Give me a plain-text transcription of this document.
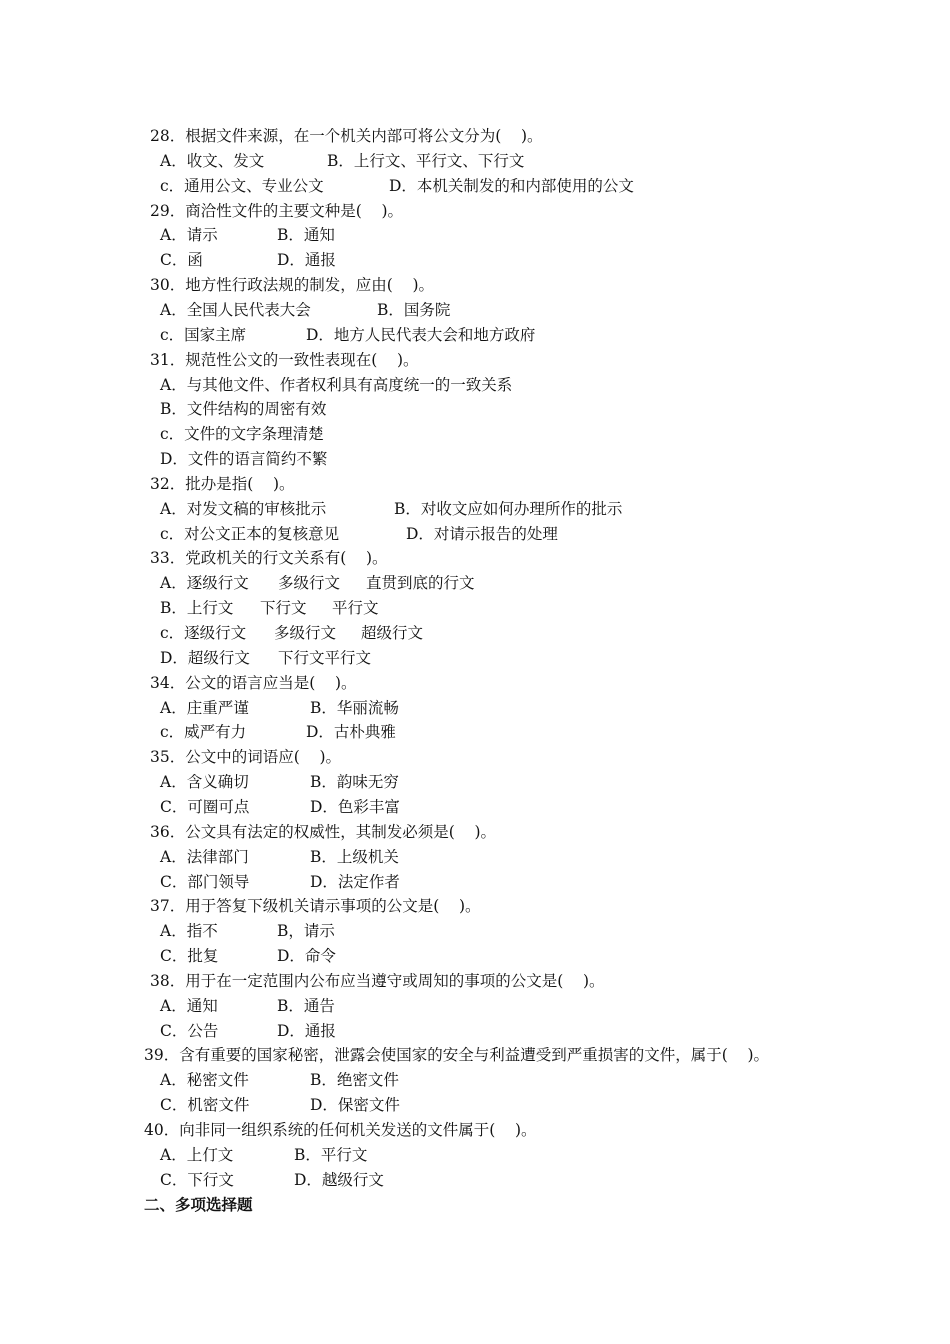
28．根据文件来源，在一个机关内部可将公文分为(    )。
A．收文、发文	B．上行文、平行文、下行文
c．通用公文、专业公文	D．本机关制发的和内部使用的公文
29．商洽性文件的主要文种是(    )。
A．请示	B．通知
C．函	D．通报
30．地方性行政法规的制发，应由(    )。
A．全国人民代表大会	B．国务院
c．国家主席	D．地方人民代表大会和地方政府
31．规范性公文的一致性表现在(    )。
A．与其他文件、作者权利具有高度统一的一致关系
B．文件结构的周密有效
c．文件的文字条理清楚
D．文件的语言简约不繁
32．批办是指(    )。
A．对发文稿的审核批示	B．对收文应如何办理所作的批示
c．对公文正本的复核意见	D．对请示报告的处理
33．党政机关的行文关系有(    )。
A．逐级行文 多级行文 直贯到底的行文
B．上行文 下行文 平行文
c．逐级行文 多级行文 超级行文
D．超级行文 下行文平行文
34．公文的语言应当是(    )。
A．庄重严谨	B．华丽流畅
c．威严有力	D．古朴典雅
35．公文中的词语应(    )。
A．含义确切	B．韵味无穷
C．可圈可点	D．色彩丰富
36．公文具有法定的权威性，其制发必须是(    )。
A．法律部门	B．上级机关
C．部门领导	D．法定作者
37．用于答复下级机关请示事项的公文是(    )。
A．指不	B，请示
C．批复	D．命令
38．用于在一定范围内公布应当遵守或周知的事项的公文是(    )。
A．通知	B．通告
C．公告	D．通报
39．含有重要的国家秘密，泄露会使国家的安全与利益遭受到严重损害的文件，属于(    )。
A．秘密文件	B．绝密文件
C．机密文件	D．保密文件
40．向非同一组织系统的任何机关发送的文件属于(    )。
A．上仃文	B．平行文
C．下行文	D．越级行文
二、多项选择题
